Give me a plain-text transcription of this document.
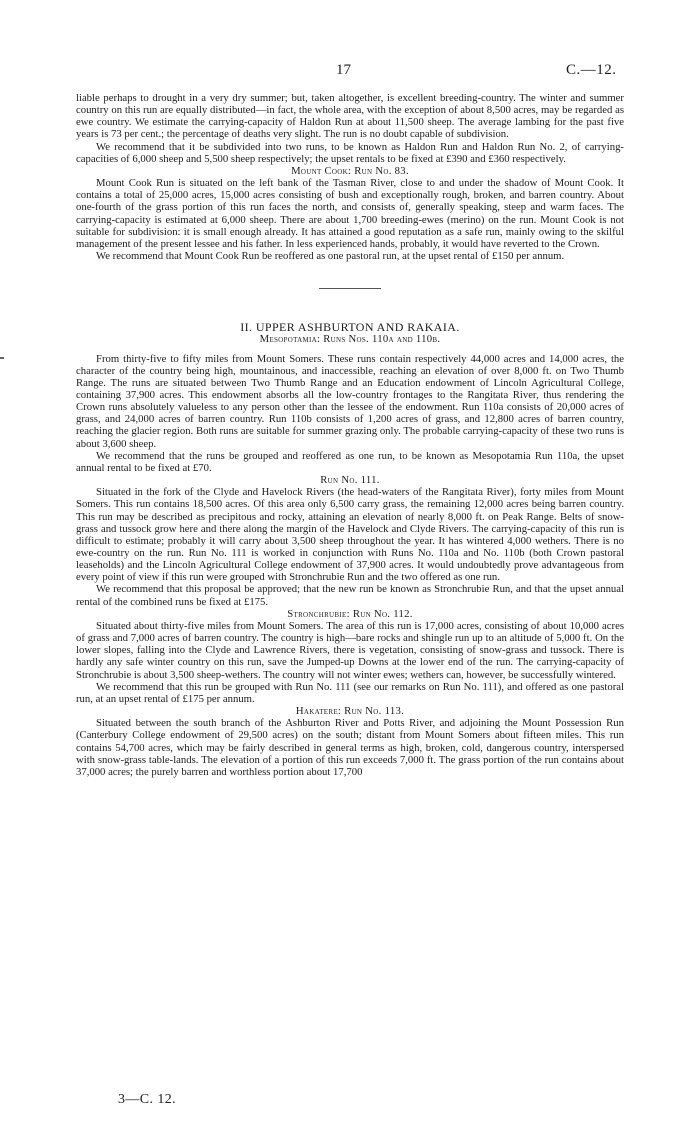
17	C.—12.

liable perhaps to drought in a very dry summer; but, taken altogether, is excellent breeding-country. The winter and summer country on this run are equally distributed—in fact, the whole area, with the exception of about 8,500 acres, may be regarded as ewe country. We estimate the carrying-capacity of Haldon Run at about 11,500 sheep. The average lambing for the past five years is 73 per cent.; the percentage of deaths very slight. The run is no doubt capable of subdivision.

We recommend that it be subdivided into two runs, to be known as Haldon Run and Haldon Run No. 2, of carrying-capacities of 6,000 sheep and 5,500 sheep respectively; the upset rentals to be fixed at £390 and £360 respectively.

Mount Cook: Run No. 83.

Mount Cook Run is situated on the left bank of the Tasman River, close to and under the shadow of Mount Cook. It contains a total of 25,000 acres, 15,000 acres consisting of bush and exceptionally rough, broken, and barren country. About one-fourth of the grass portion of this run faces the north, and consists of, generally speaking, steep and warm faces. The carrying-capacity is estimated at 6,000 sheep. There are about 1,700 breeding-ewes (merino) on the run. Mount Cook is not suitable for subdivision: it is small enough already. It has attained a good reputation as a safe run, mainly owing to the skilful management of the present lessee and his father. In less experienced hands, probably, it would have reverted to the Crown.

We recommend that Mount Cook Run be reoffered as one pastoral run, at the upset rental of £150 per annum.

II. UPPER ASHBURTON AND RAKAIA.

Mesopotamia: Runs Nos. 110a and 110b.

From thirty-five to fifty miles from Mount Somers. These runs contain respectively 44,000 acres and 14,000 acres, the character of the country being high, mountainous, and inaccessible, reaching an elevation of over 8,000 ft. on Two Thumb Range. The runs are situated between Two Thumb Range and an Education endowment of Lincoln Agricultural College, containing 37,900 acres. This endowment absorbs all the low-country frontages to the Rangitata River, thus rendering the Crown runs absolutely valueless to any person other than the lessee of the endowment. Run 110a consists of 20,000 acres of grass, and 24,000 acres of barren country. Run 110b consists of 1,200 acres of grass, and 12,800 acres of barren country, reaching the glacier region. Both runs are suitable for summer grazing only. The probable carrying-capacity of these two runs is about 3,600 sheep.

We recommend that the runs be grouped and reoffered as one run, to be known as Mesopotamia Run 110a, the upset annual rental to be fixed at £70.

Run No. 111.

Situated in the fork of the Clyde and Havelock Rivers (the head-waters of the Rangitata River), forty miles from Mount Somers. This run contains 18,500 acres. Of this area only 6,500 carry grass, the remaining 12,000 acres being barren country. This run may be described as precipitous and rocky, attaining an elevation of nearly 8,000 ft. on Peak Range. Belts of snow-grass and tussock grow here and there along the margin of the Havelock and Clyde Rivers. The carrying-capacity of this run is difficult to estimate; probably it will carry about 3,500 sheep throughout the year. It has wintered 4,000 wethers. There is no ewe-country on the run. Run No. 111 is worked in conjunction with Runs No. 110a and No. 110b (both Crown pastoral leaseholds) and the Lincoln Agricultural College endowment of 37,900 acres. It would undoubtedly prove advantageous from every point of view if this run were grouped with Stronchrubie Run and the two offered as one run.

We recommend that this proposal be approved; that the new run be known as Stronchrubie Run, and that the upset annual rental of the combined runs be fixed at £175.

Stronchrubie: Run No. 112.

Situated about thirty-five miles from Mount Somers. The area of this run is 17,000 acres, consisting of about 10,000 acres of grass and 7,000 acres of barren country. The country is high—bare rocks and shingle run up to an altitude of 5,000 ft. On the lower slopes, falling into the Clyde and Lawrence Rivers, there is vegetation, consisting of snow-grass and tussock. There is hardly any safe winter country on this run, save the Jumped-up Downs at the lower end of the run. The carrying-capacity of Stronchrubie is about 3,500 sheep-wethers. The country will not winter ewes; wethers can, however, be successfully wintered.

We recommend that this run be grouped with Run No. 111 (see our remarks on Run No. 111), and offered as one pastoral run, at an upset rental of £175 per annum.

Hakatere: Run No. 113.

Situated between the south branch of the Ashburton River and Potts River, and adjoining the Mount Possession Run (Canterbury College endowment of 29,500 acres) on the south; distant from Mount Somers about fifteen miles. This run contains 54,700 acres, which may be fairly described in general terms as high, broken, cold, dangerous country, interspersed with snow-grass table-lands. The elevation of a portion of this run exceeds 7,000 ft. The grass portion of the run contains about 37,000 acres; the purely barren and worthless portion about 17,700

3—C. 12.
